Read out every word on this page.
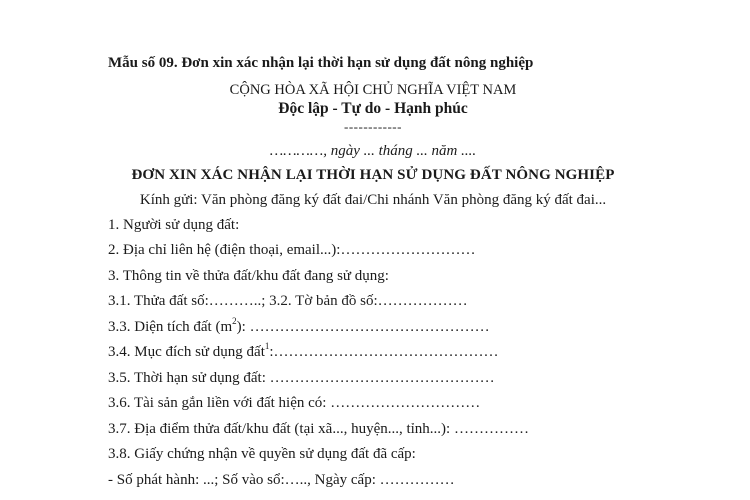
Mẫu số 09. Đơn xin xác nhận lại thời hạn sử dụng đất nông nghiệp
CỘNG HÒA XÃ HỘI CHỦ NGHĨA VIỆT NAM
Độc lập - Tự do - Hạnh phúc
------------
…………, ngày ... tháng ... năm ....
ĐƠN XIN XÁC NHẬN LẠI THỜI HẠN SỬ DỤNG ĐẤT NÔNG NGHIỆP
Kính gửi: Văn phòng đăng ký đất đai/Chi nhánh Văn phòng đăng ký đất đai...
1. Người sử dụng đất:
2. Địa chỉ liên hệ (điện thoại, email...):………………………
3. Thông tin về thửa đất/khu đất đang sử dụng:
3.1. Thửa đất số:………..; 3.2. Tờ bản đồ số:………………
3.3. Diện tích đất $(m^2)$: …………………………………………
3.4. Mục đích sử dụng đất$^1$:………………………………………
3.5. Thời hạn sử dụng đất: ………………………………………
3.6. Tài sản gắn liền với đất hiện có: …………………………
3.7. Địa điểm thửa đất/khu đất (tại xã..., huyện..., tỉnh...): ……………
3.8. Giấy chứng nhận về quyền sử dụng đất đã cấp:
- Số phát hành: ...; Số vào sổ:….., Ngày cấp: ……………
